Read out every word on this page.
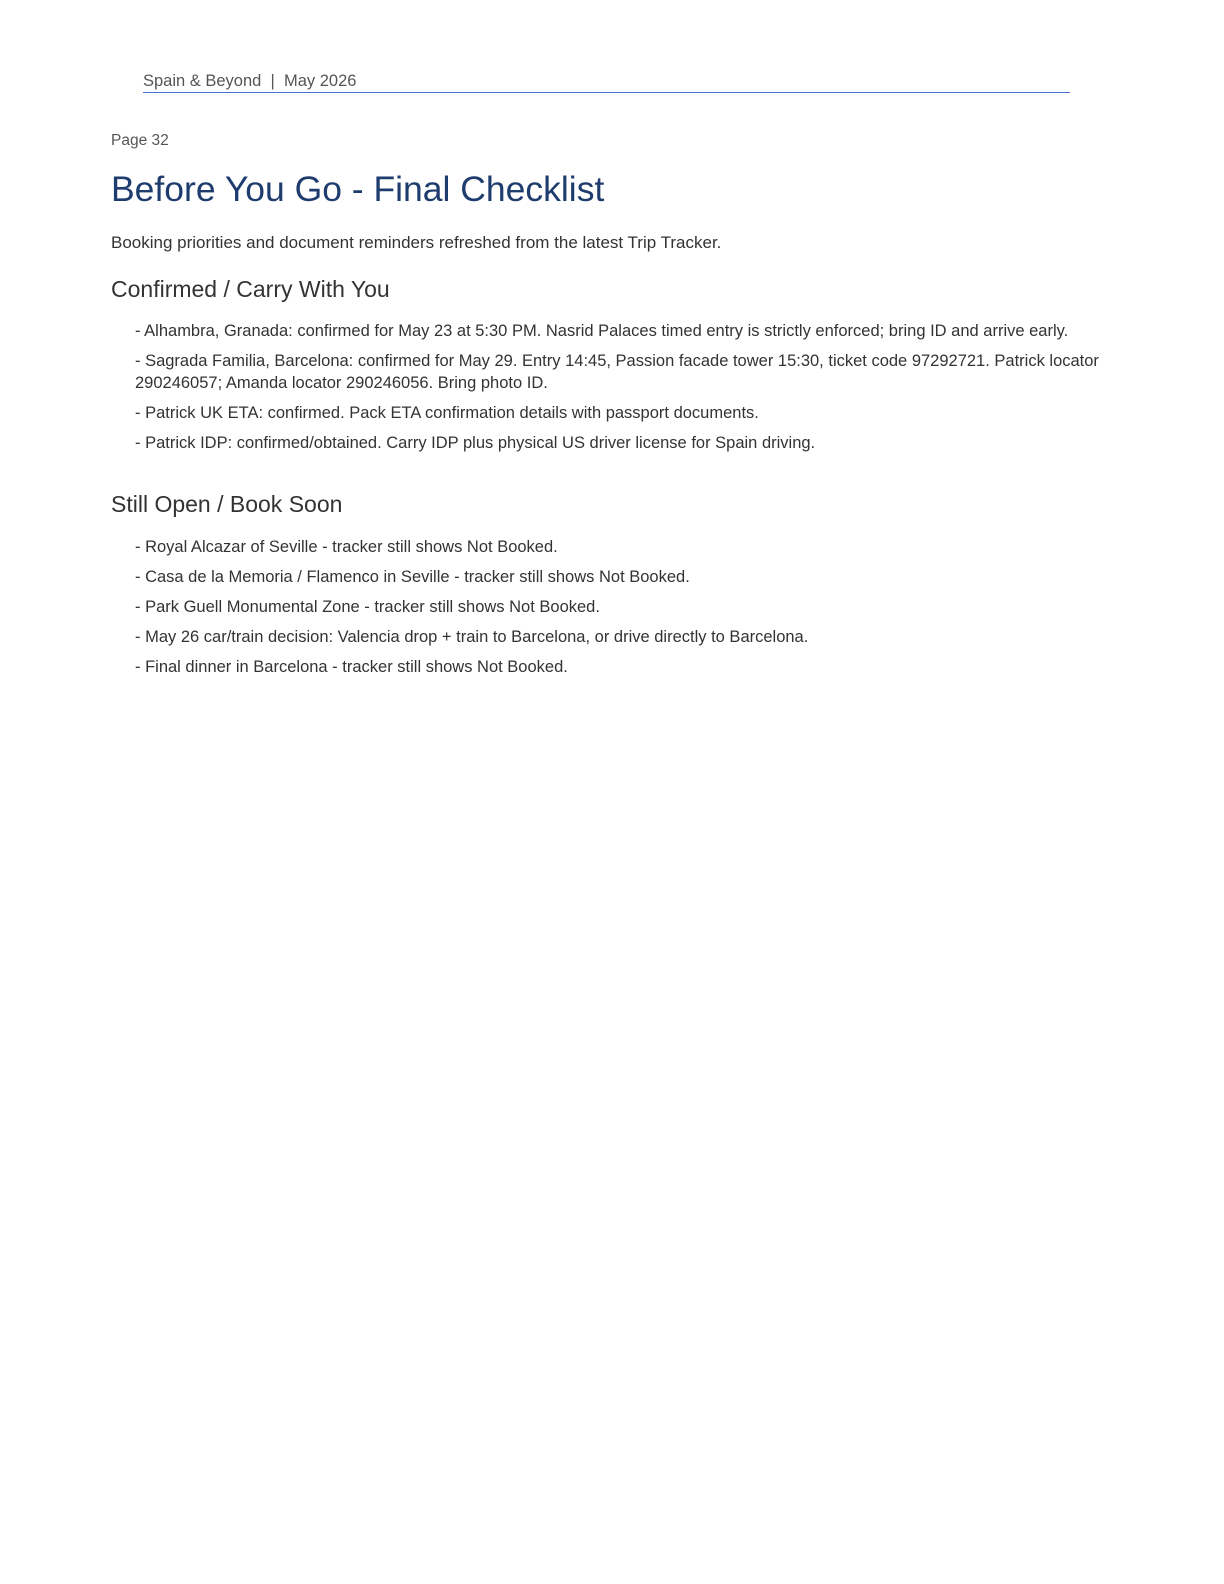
Spain & Beyond  |  May 2026
Page 32
Before You Go - Final Checklist
Booking priorities and document reminders refreshed from the latest Trip Tracker.
Confirmed / Carry With You
- Alhambra, Granada: confirmed for May 23 at 5:30 PM. Nasrid Palaces timed entry is strictly enforced; bring ID and arrive early.
- Sagrada Familia, Barcelona: confirmed for May 29. Entry 14:45, Passion facade tower 15:30, ticket code 97292721. Patrick locator 290246057; Amanda locator 290246056. Bring photo ID.
- Patrick UK ETA: confirmed. Pack ETA confirmation details with passport documents.
- Patrick IDP: confirmed/obtained. Carry IDP plus physical US driver license for Spain driving.
Still Open / Book Soon
- Royal Alcazar of Seville - tracker still shows Not Booked.
- Casa de la Memoria / Flamenco in Seville - tracker still shows Not Booked.
- Park Guell Monumental Zone - tracker still shows Not Booked.
- May 26 car/train decision: Valencia drop + train to Barcelona, or drive directly to Barcelona.
- Final dinner in Barcelona - tracker still shows Not Booked.
